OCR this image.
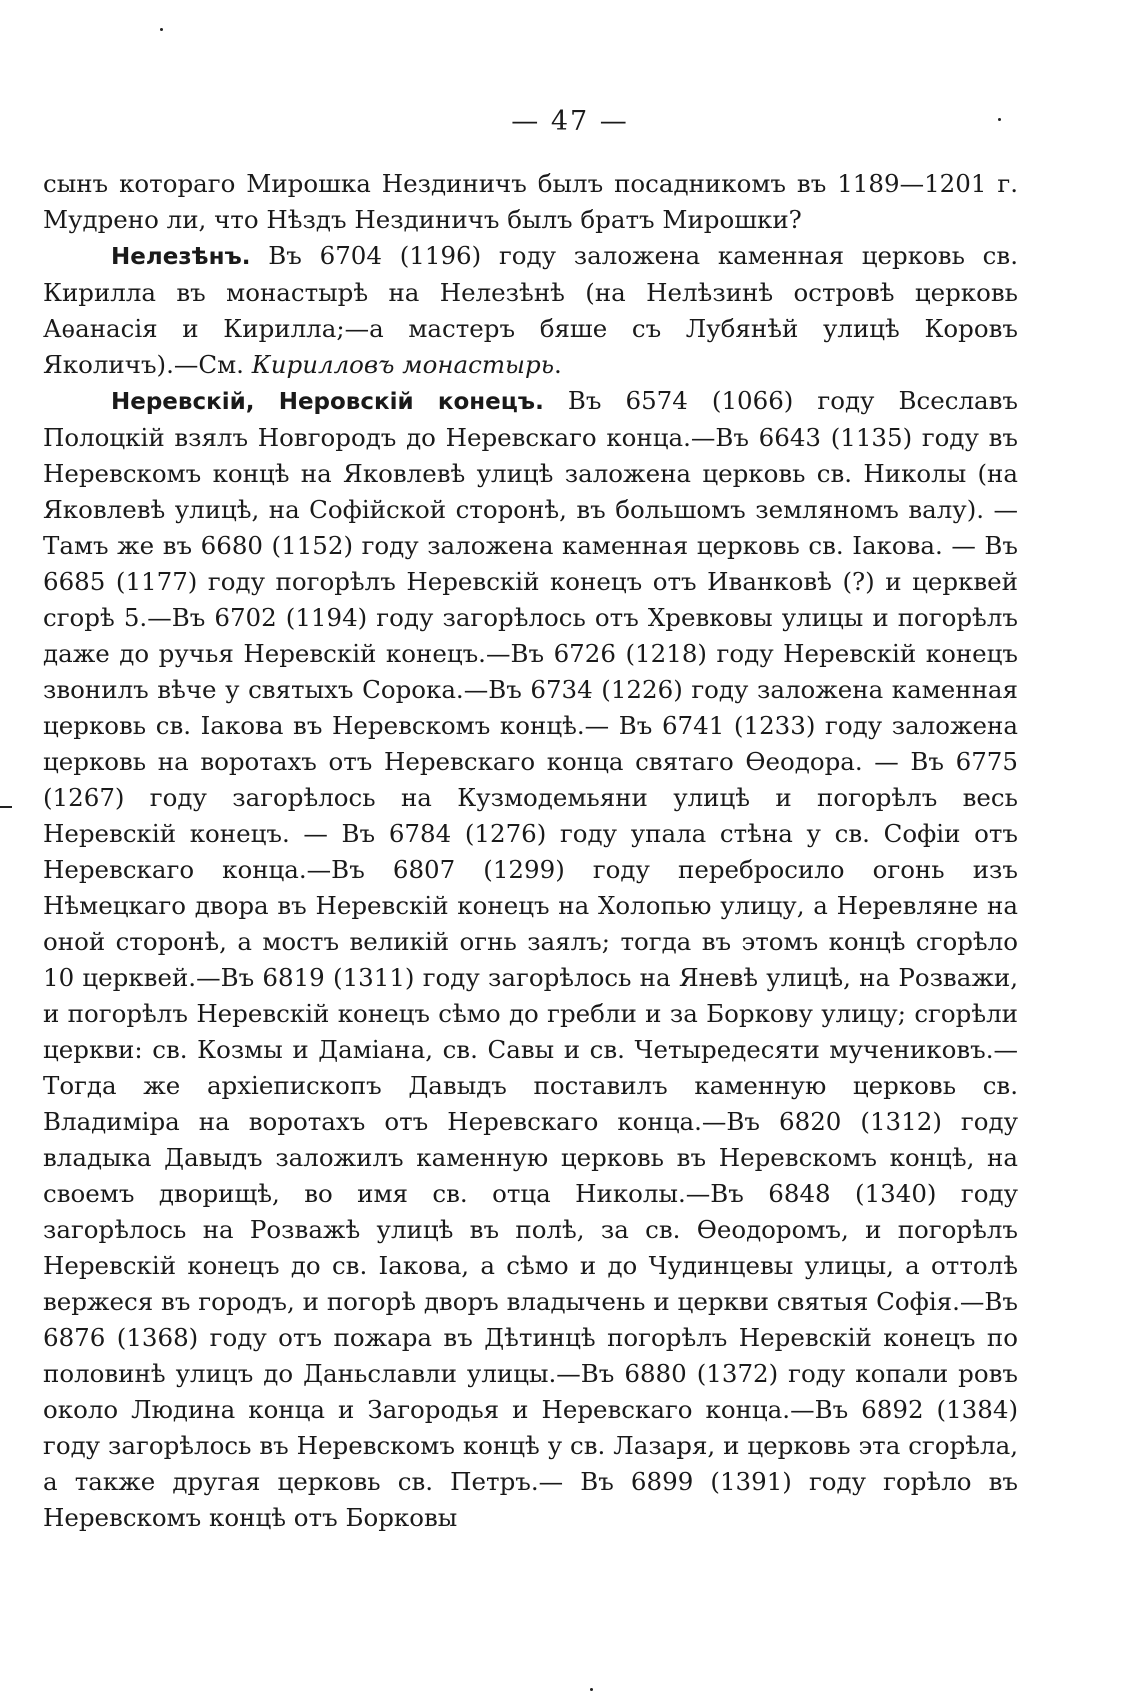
— 47 —

сынъ котораго Мирошка Нездиничъ былъ посадникомъ въ 1189—1201 г. Мудрено ли, что Нѣздъ Нездиничъ былъ братъ Мирошки?

Нелезѣнъ. Въ 6704 (1196) году заложена каменная церковь св. Кирилла въ монастырѣ на Нелезѣнѣ (на Нелѣзинѣ островѣ церковь Аѳанасія и Кирилла;—а мастеръ бяше съ Лубянѣй улицѣ Коровъ Яколичъ).—См. Кирилловъ монастырь.

Неревскій, Неровскій конецъ. Въ 6574 (1066) году Всеславъ Полоцкій взялъ Новгородъ до Неревскаго конца.—Въ 6643 (1135) году въ Неревскомъ концѣ на Яковлевѣ улицѣ заложена церковь св. Николы (на Яковлевѣ улицѣ, на Софійской сторонѣ, въ большомъ земляномъ валу). — Тамъ же въ 6680 (1152) году заложена каменная церковь св. Іакова. — Въ 6685 (1177) году погорѣлъ Неревскій конецъ отъ Иванковѣ (?) и церквей сгорѣ 5.—Въ 6702 (1194) году загорѣлось отъ Хревковы улицы и погорѣлъ даже до ручья Неревскій конецъ.—Въ 6726 (1218) году Неревскій конецъ звонилъ вѣче у святыхъ Сорока.—Въ 6734 (1226) году заложена каменная церковь св. Іакова въ Неревскомъ концѣ.— Въ 6741 (1233) году заложена церковь на воротахъ отъ Неревскаго конца святаго Ѳеодора. — Въ 6775 (1267) году загорѣлось на Кузмодемьяни улицѣ и погорѣлъ весь Неревскій конецъ. — Въ 6784 (1276) году упала стѣна у св. Софіи отъ Неревскаго конца.—Въ 6807 (1299) году перебросило огонь изъ Нѣмецкаго двора въ Неревскій конецъ на Холопью улицу, а Неревляне на оной сторонѣ, а мостъ великій огнь заялъ; тогда въ этомъ концѣ сгорѣло 10 церквей.—Въ 6819 (1311) году загорѣлось на Яневѣ улицѣ, на Розважи, и погорѣлъ Неревскій конецъ сѣмо до гребли и за Боркову улицу; сгорѣли церкви: св. Козмы и Даміана, св. Савы и св. Четыредесяти мучениковъ.— Тогда же архіепископъ Давыдъ поставилъ каменную церковь св. Владиміра на воротахъ отъ Неревскаго конца.—Въ 6820 (1312) году владыка Давыдъ заложилъ каменную церковь въ Неревскомъ концѣ, на своемъ дворищѣ, во имя св. отца Николы.—Въ 6848 (1340) году загорѣлось на Розважѣ улицѣ въ полѣ, за св. Ѳеодоромъ, и погорѣлъ Неревскій конецъ до св. Іакова, а сѣмо и до Чудинцевы улицы, а оттолѣ вержеся въ городъ, и погорѣ дворъ владычень и церкви святыя Софія.—Въ 6876 (1368) году отъ пожара въ Дѣтинцѣ погорѣлъ Неревскій конецъ по половинѣ улицъ до Даньславли улицы.—Въ 6880 (1372) году копали ровъ около Людина конца и Загородья и Неревскаго конца.—Въ 6892 (1384) году загорѣлось въ Неревскомъ концѣ у св. Лазаря, и церковь эта сгорѣла, а также другая церковь св. Петръ.— Въ 6899 (1391) году горѣло въ Неревскомъ концѣ отъ Борковы
